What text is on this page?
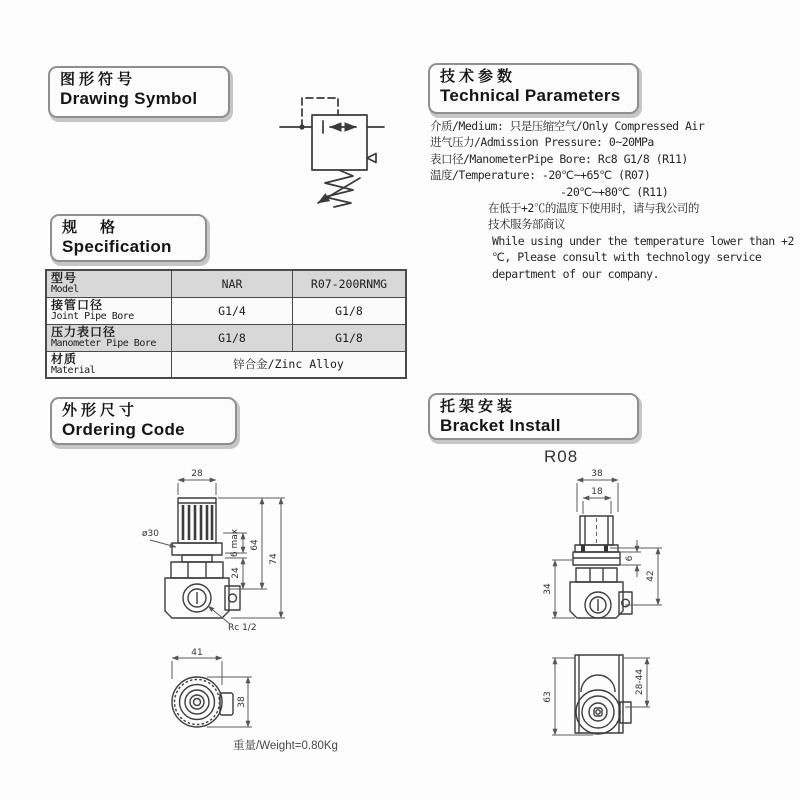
图形符号
Drawing Symbol
技术参数
Technical Parameters
规　格
Specification
外形尺寸
Ordering Code
托架安装
Bracket Install
介质/Medium: 只是压缩空气/Only Compressed Air
进气压力/Admission Pressure: 0~20MPa
表口径/ManometerPipe Bore: Rc8 G1/8 (R11)
温度/Temperature: -20℃~+65℃ (R07)
-20℃~+80℃ (R11)
在低于+2℃的温度下使用时，请与我公司的
技术服务部商议
While using under the temperature lower than +2
℃, Please consult with technology service
department of our company.
型号
Model	NAR	R07-200RNMG

接管口径
Joint Pipe Bore	G1/4	G1/8

压力表口径
Manometer Pipe Bore	G1/8	G1/8

材质
Material	锌合金/Zinc Alloy	
28
ø30	6 max
24
64
74
Rc 1/2
41
38
重量/Weight=0.80Kg
R08
38
18
34
6
42
63
28-44
